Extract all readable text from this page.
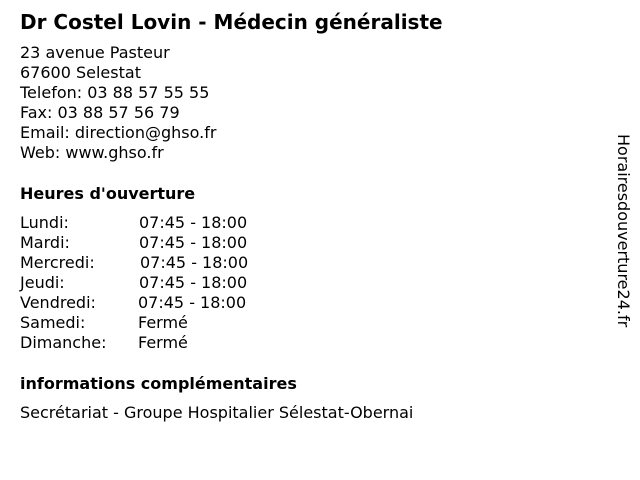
Dr Costel Lovin - Médecin généraliste
23 avenue Pasteur
67600 Selestat
Telefon: 03 88 57 55 55
Fax: 03 88 57 56 79
Email: direction@ghso.fr
Web: www.ghso.fr
Heures d'ouverture
Lundi:	07:45 - 18:00
Mardi:	07:45 - 18:00
Mercredi:	07:45 - 18:00
Jeudi:	07:45 - 18:00
Vendredi:	07:45 - 18:00
Samedi:	Fermé
Dimanche: Fermé
informations complémentaires
Secrétariat - Groupe Hospitalier Sélestat-Obernai
Horairesdouverture24.fr
